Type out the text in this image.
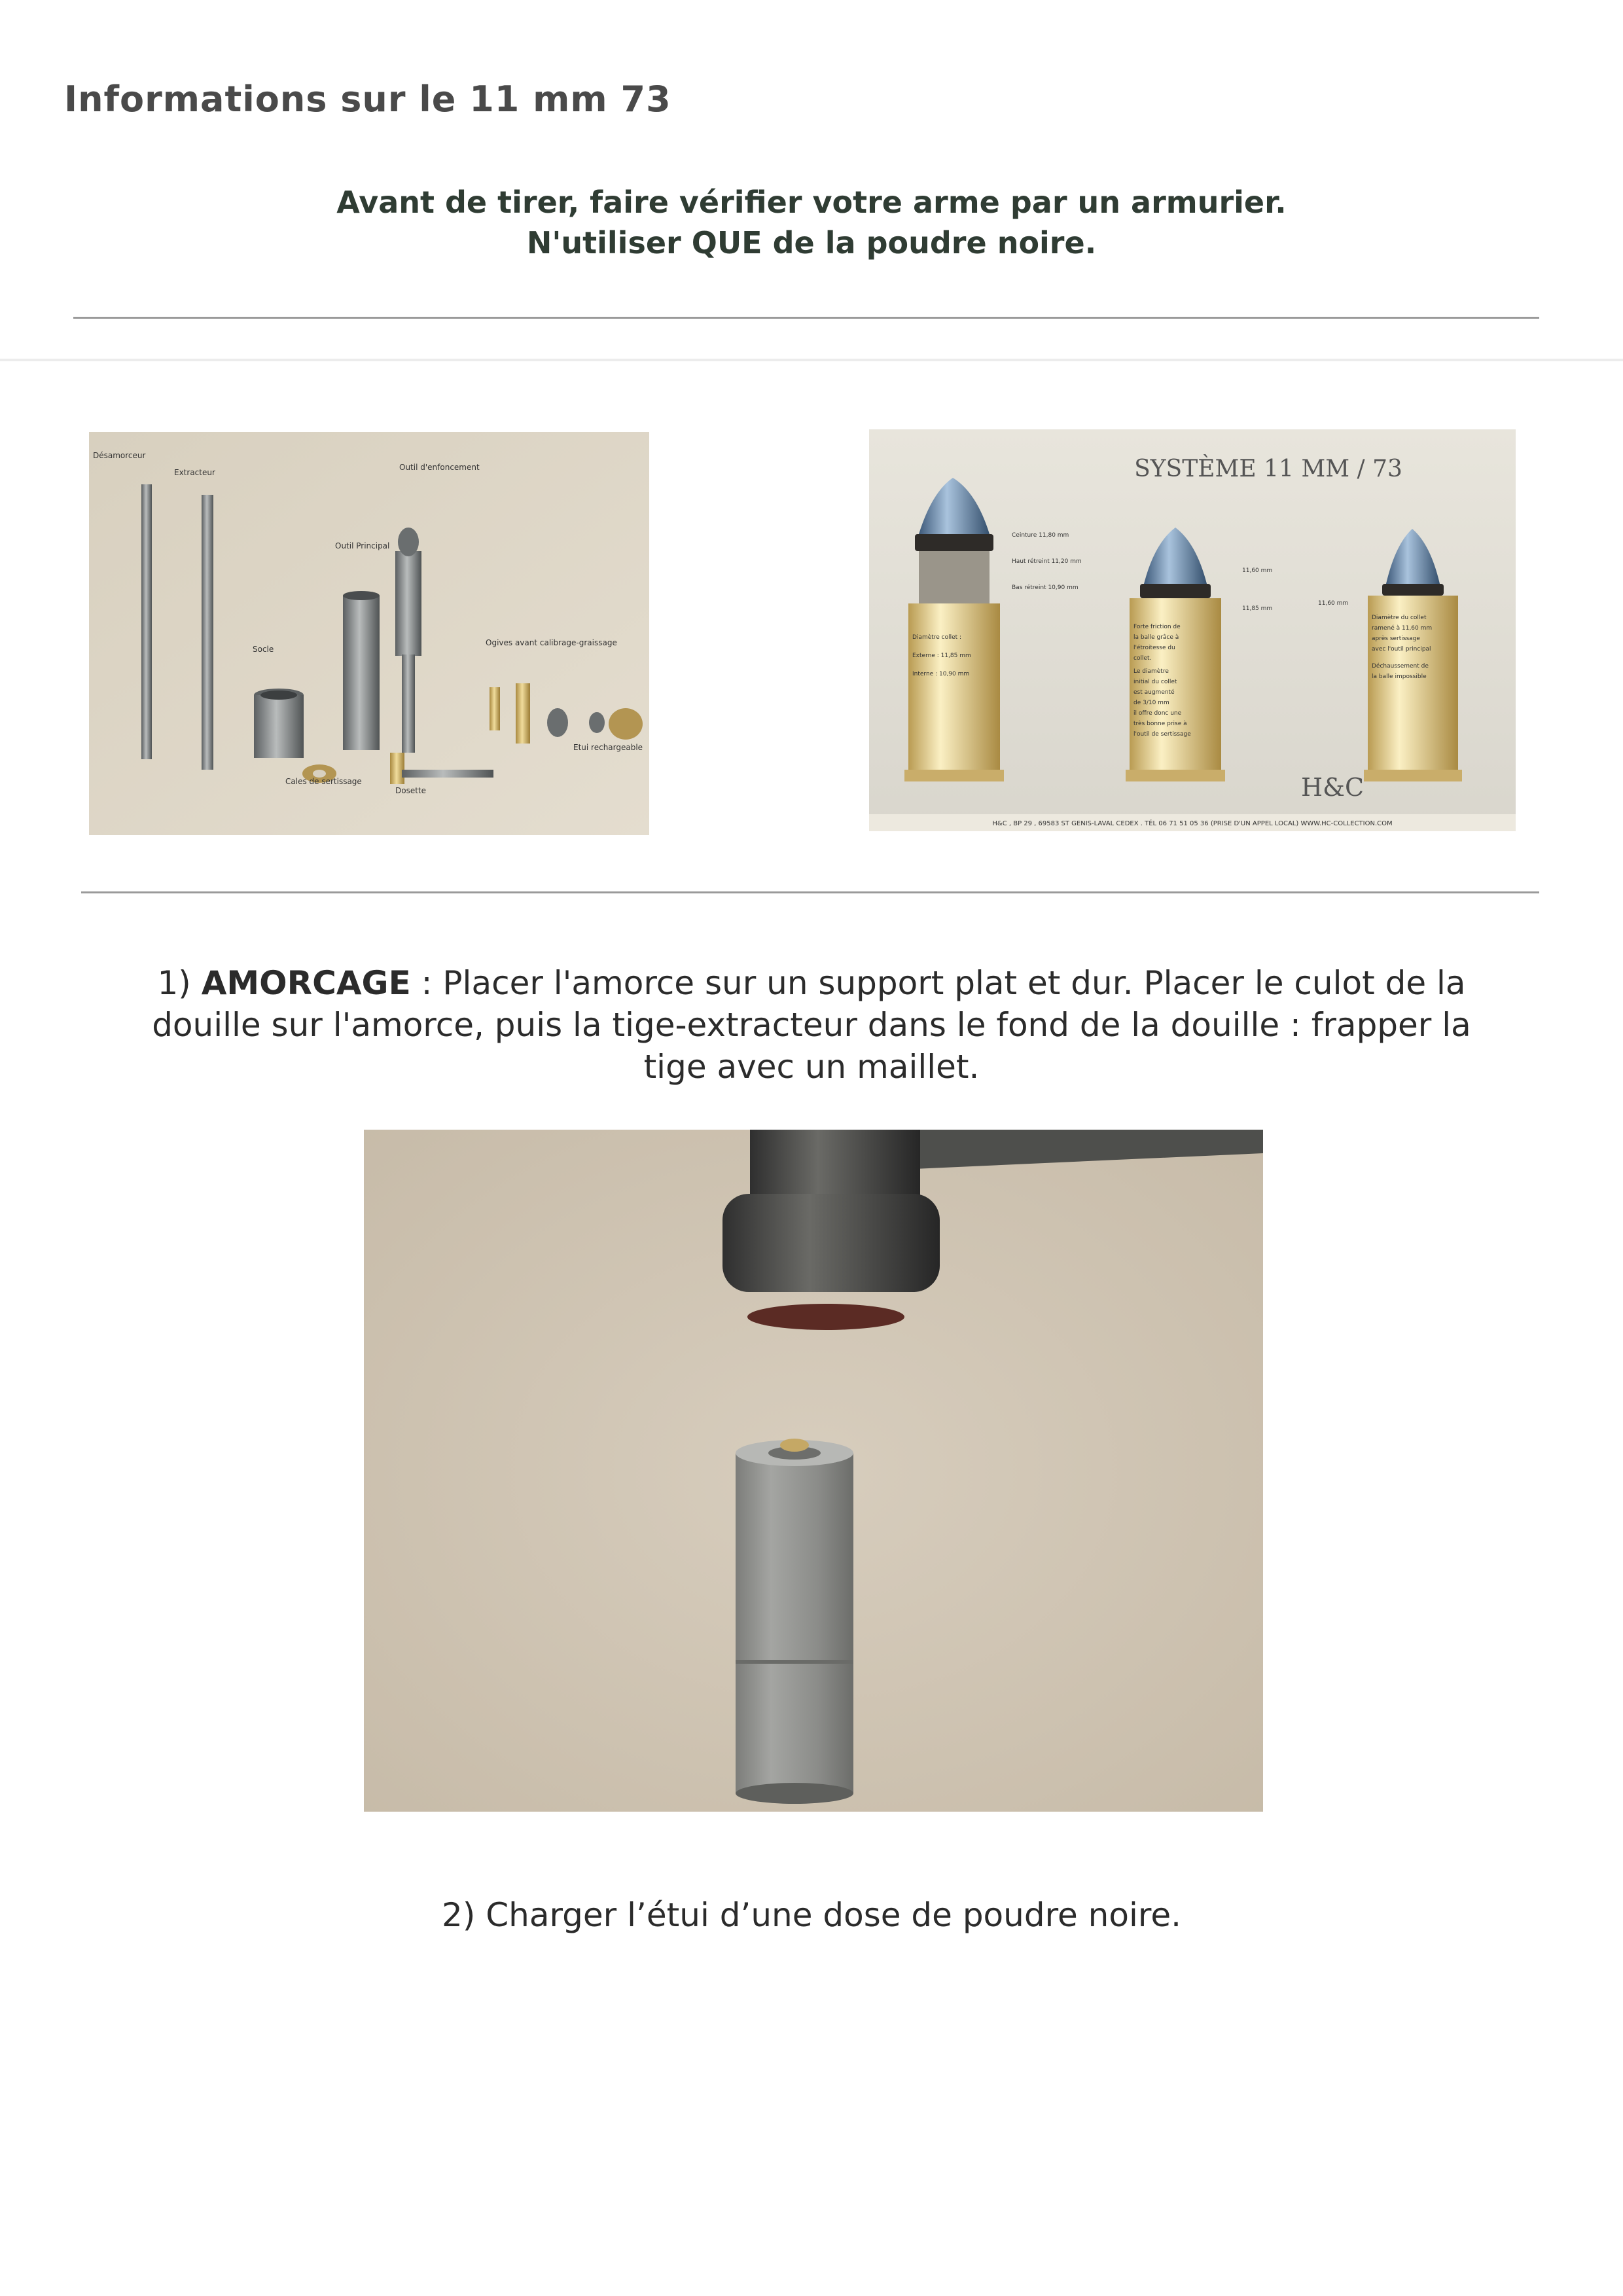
Informations sur le 11 mm 73
Avant de tirer, faire vérifier votre arme par un armurier.
N'utiliser QUE de la poudre noire.
Désamorceur
Extracteur
Outil d'enfoncement
Outil Principal
Socle
Ogives avant calibrage-graissage
Cales de sertissage
Dosette
Etui rechargeable
SYSTÈME 11 MM / 73
Diamètre collet :
Externe : 11,85 mm
Interne : 10,90 mm
Ceinture 11,80 mm
Haut rétreint 11,20 mm
Bas rétreint 10,90 mm
11,60 mm
11,85 mm
Forte friction de
la balle grâce à
l'étroitesse du
collet.
Le diamètre
initial du collet
est augmenté
de 3/10 mm
il offre donc une
très bonne prise à
l'outil de sertissage
11,60 mm
Diamètre du collet
ramené à 11,60 mm
après sertissage
avec l'outil principal
Déchaussement de
la balle impossible
H&C
H&C , BP 29 , 69583 ST GENIS-LAVAL CEDEX . TÉL 06 71 51 05 36 (PRISE D'UN APPEL LOCAL) WWW.HC-COLLECTION.COM
1) AMORCAGE : Placer l'amorce sur un support plat et dur. Placer le culot de la
douille sur l'amorce, puis la tige-extracteur dans le fond de la douille : frapper la
tige avec un maillet.
2) Charger l’étui d’une dose de poudre noire.
